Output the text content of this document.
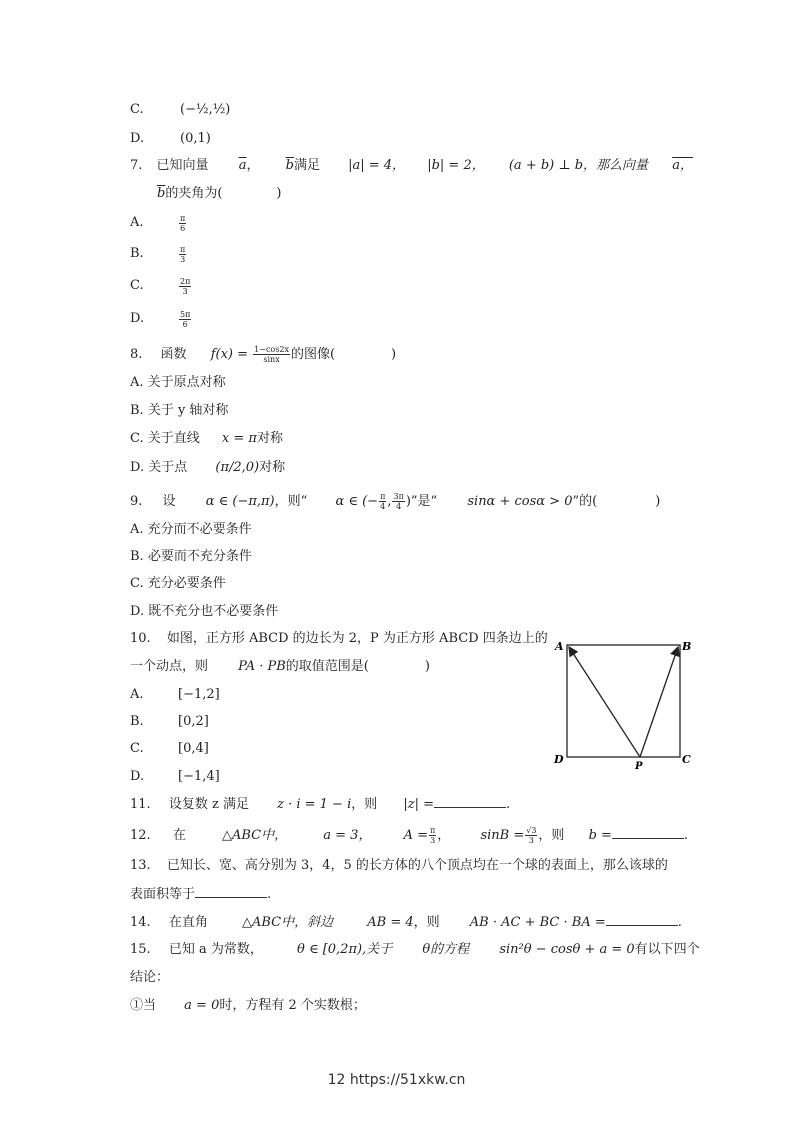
C.	(−½,½)
D.	(0,1)
7. 已知向量 $\overline{a}$， $\overline{b}$满足 |a| = 4， |b| = 2， (a + b) ⊥ b，那么向量 a，
$\overline{b}$的夹角为(	)
A.	$\frac{\pi}{6}$
B.	$\frac{\pi}{3}$
C.	$\frac{2\pi}{3}$
D.	$\frac{5\pi}{6}$
8. 函数 $f(x) = \frac{1-\cos 2x}{\sin x}$ 的图像(	)
A. 关于原点对称
B. 关于 y 轴对称
C. 关于直线 x = π对称
D. 关于点 (π/2,0)对称
9. 设 α ∈ (−π,π)，则“ α ∈ (− $\frac{\pi}{4}$ , $\frac{3\pi}{4}$ )”是“ sinα + cosα > 0”的(	)
A. 充分而不必要条件
B. 必要而不充分条件
C. 充分必要条件
D. 既不充分也不必要条件
10. 如图，正方形 ABCD 的边长为 2，P 为正方形 ABCD 四条边上的
一个动点，则 PA · PB的取值范围是(	)
A.	[−1,2]
B.	[0,2]
C.	[0,4]
D.	[−1,4]
A	B
D	C
P
11. 设复数 z 满足 z · i = 1 − i，则 |z| =	.
12. 在	△ABC中，	a = 3， $A = \frac{\pi}{3}$ ， $\sin B = \frac{√3}{3}$ ，则 b =	.
13. 已知长、宽、高分别为 3，4，5 的长方体的八个顶点均在一个球的表面上，那么该球的
表面积等于	.
14. 在直角	△ABC中，斜边	AB = 4，则 AB · AC + BC · BA =	.
15. 已知 a 为常数，	θ ∈ [0,2π),关于 θ的方程 sin²θ − cosθ + a = 0有以下四个
结论：
①当 a = 0时，方程有 2 个实数根；
12 https://51xkw.cn
